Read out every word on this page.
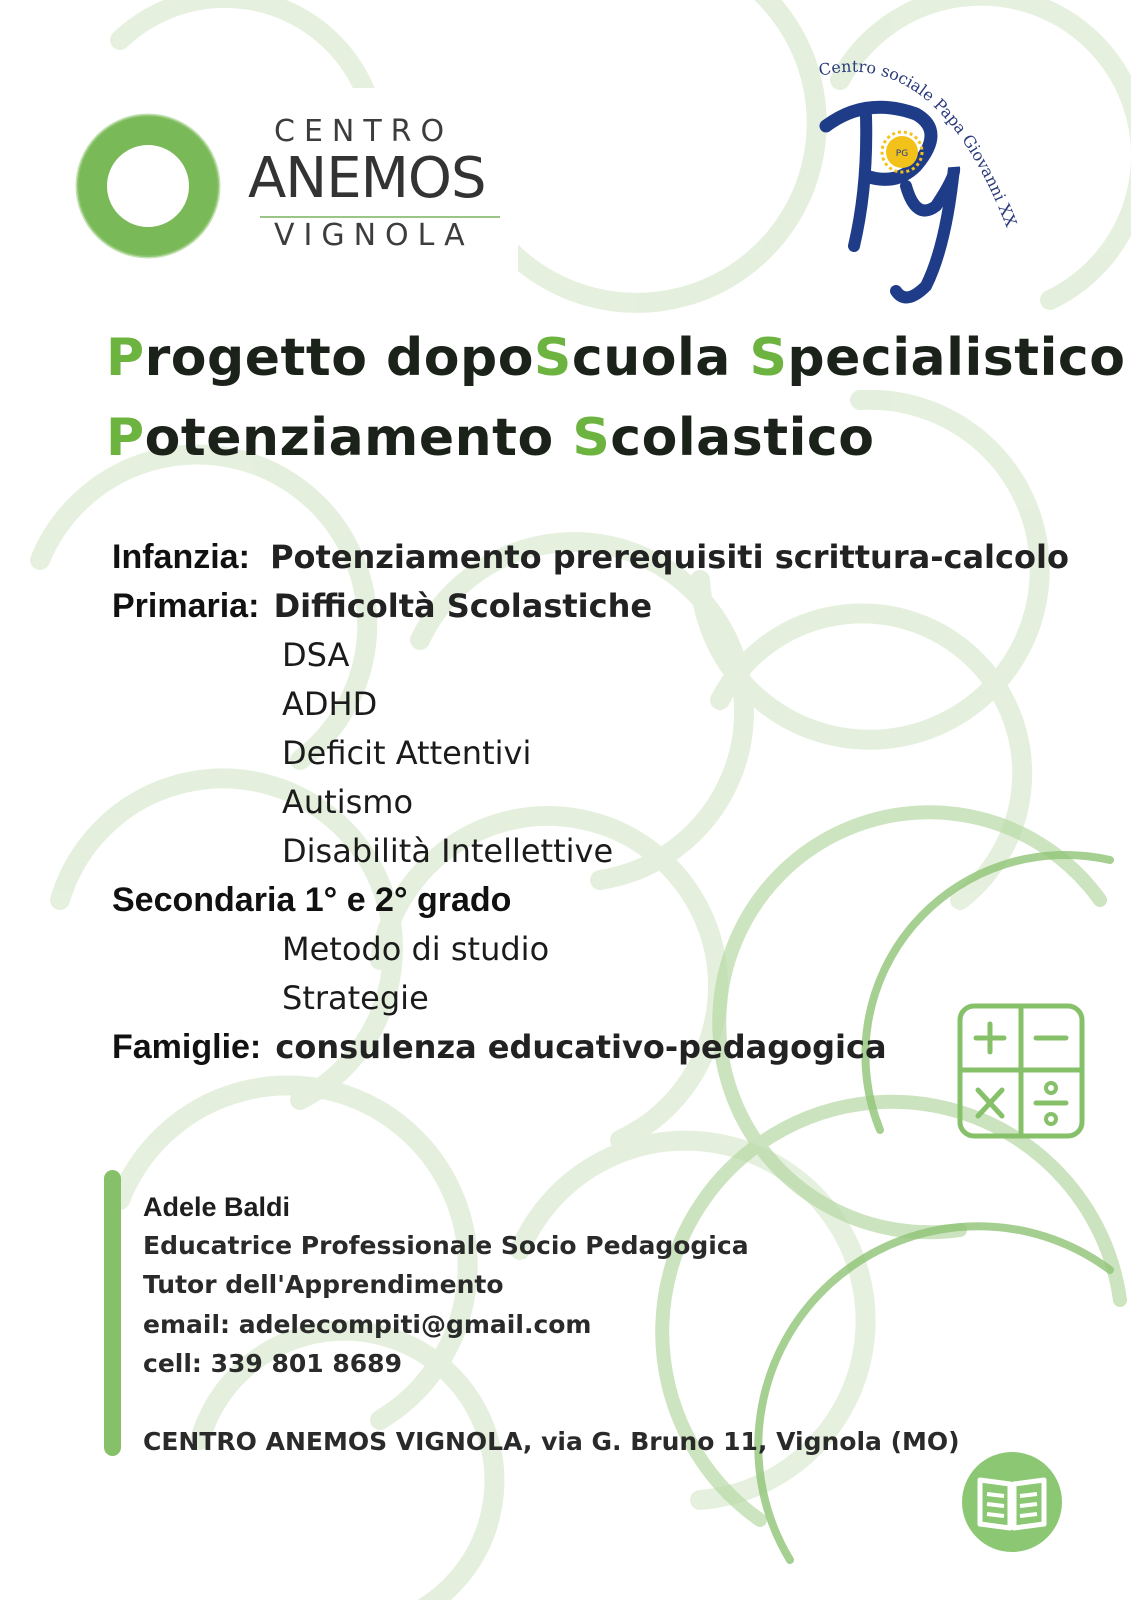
CENTRO
ANEMOS
VIGNOLA
Centro sociale Papa Giovanni XX
PG
Progetto dopoScuola Specialistico
Potenziamento Scolastico
Infanzia: Potenziamento prerequisiti scrittura-calcolo
Primaria: Difficoltà Scolastiche
DSA
ADHD
Deficit Attentivi
Autismo
Disabilità Intellettive
Secondaria 1° e 2° grado
Metodo di studio
Strategie
Famiglie: consulenza educativo-pedagogica
Adele Baldi
Educatrice Professionale Socio Pedagogica
Tutor dell'Apprendimento
email: adelecompiti@gmail.com
cell: 339 801 8689
CENTRO ANEMOS VIGNOLA, via G. Bruno 11, Vignola (MO)
